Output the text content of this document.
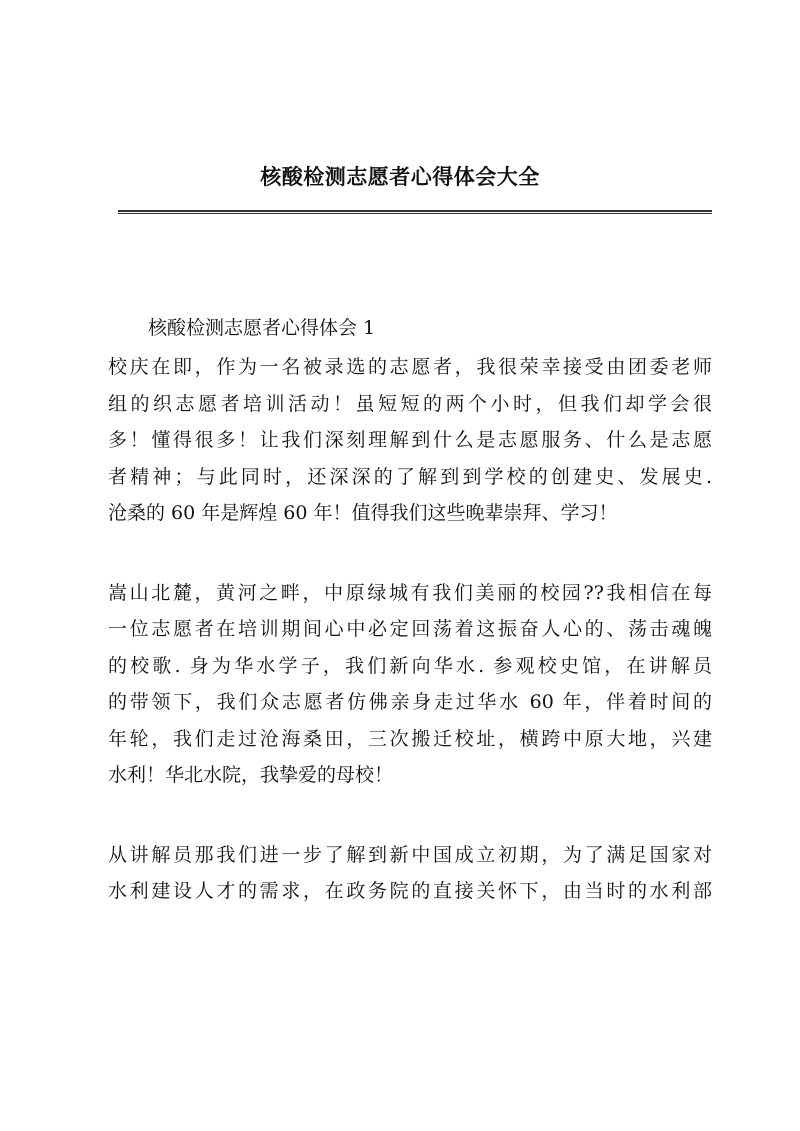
核酸检测志愿者心得体会大全
核酸检测志愿者心得体会 1
校庆在即，作为一名被录选的志愿者，我很荣幸接受由团委老师
组的织志愿者培训活动！虽短短的两个小时，但我们却学会很
多！懂得很多！让我们深刻理解到什么是志愿服务、什么是志愿
者精神；与此同时，还深深的了解到到学校的创建史、发展史.
沧桑的 60 年是辉煌 60 年！值得我们这些晚辈崇拜、学习！
嵩山北麓，黄河之畔，中原绿城有我们美丽的校园??我相信在每
一位志愿者在培训期间心中必定回荡着这振奋人心的、荡击魂魄
的校歌. 身为华水学子，我们新向华水. 参观校史馆，在讲解员
的带领下，我们众志愿者仿佛亲身走过华水 60 年，伴着时间的
年轮，我们走过沧海桑田，三次搬迁校址，横跨中原大地，兴建
水利！华北水院，我挚爱的母校！
从讲解员那我们进一步了解到新中国成立初期，为了满足国家对
水利建设人才的需求，在政务院的直接关怀下，由当时的水利部
